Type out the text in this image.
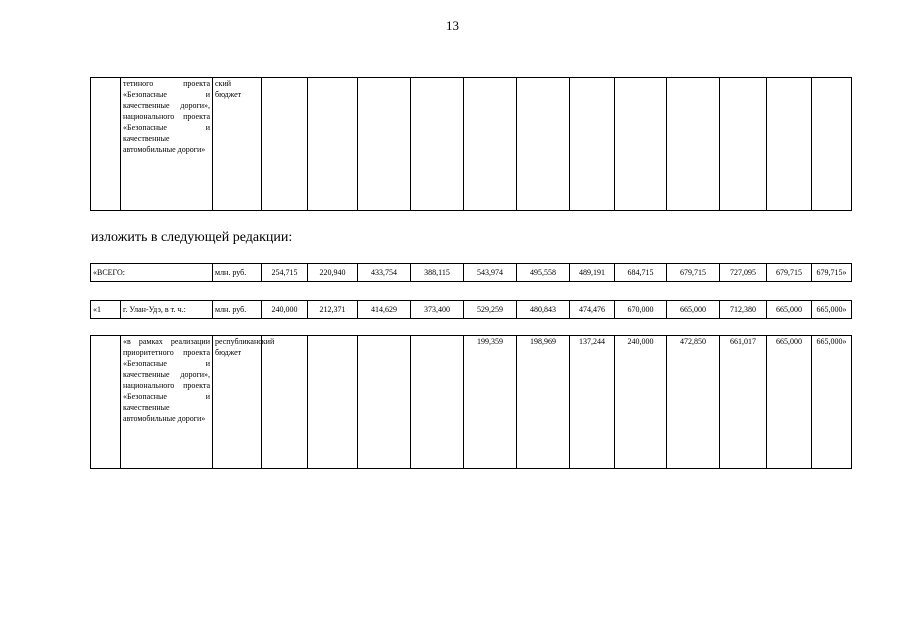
13
	тетиного проекта «Безопасные и качественные дороги», национального проекта «Безопасные и качественные автомобильные дороги»	ский бюджет												
изложить в следующей редакции:
«ВСЕГО:	млн. руб.	254,715	220,940	433,754	388,115	543,974	495,558	489,191	684,715	679,715	727,095	679,715	679,715»
«1	г. Улан-Удэ, в т. ч.:	млн. руб.	240,000	212,371	414,629	373,400	529,259	480,843	474,476	670,000	665,000	712,380	665,000	665,000»
	«в рамках реализации приоритетного проекта «Безопасные и качественные дороги», национального проекта «Безопасные и качественные автомобильные дороги»	республиканский бюджет					199,359	198,969	137,244	240,000	472,850	661,017	665,000	665,000»
